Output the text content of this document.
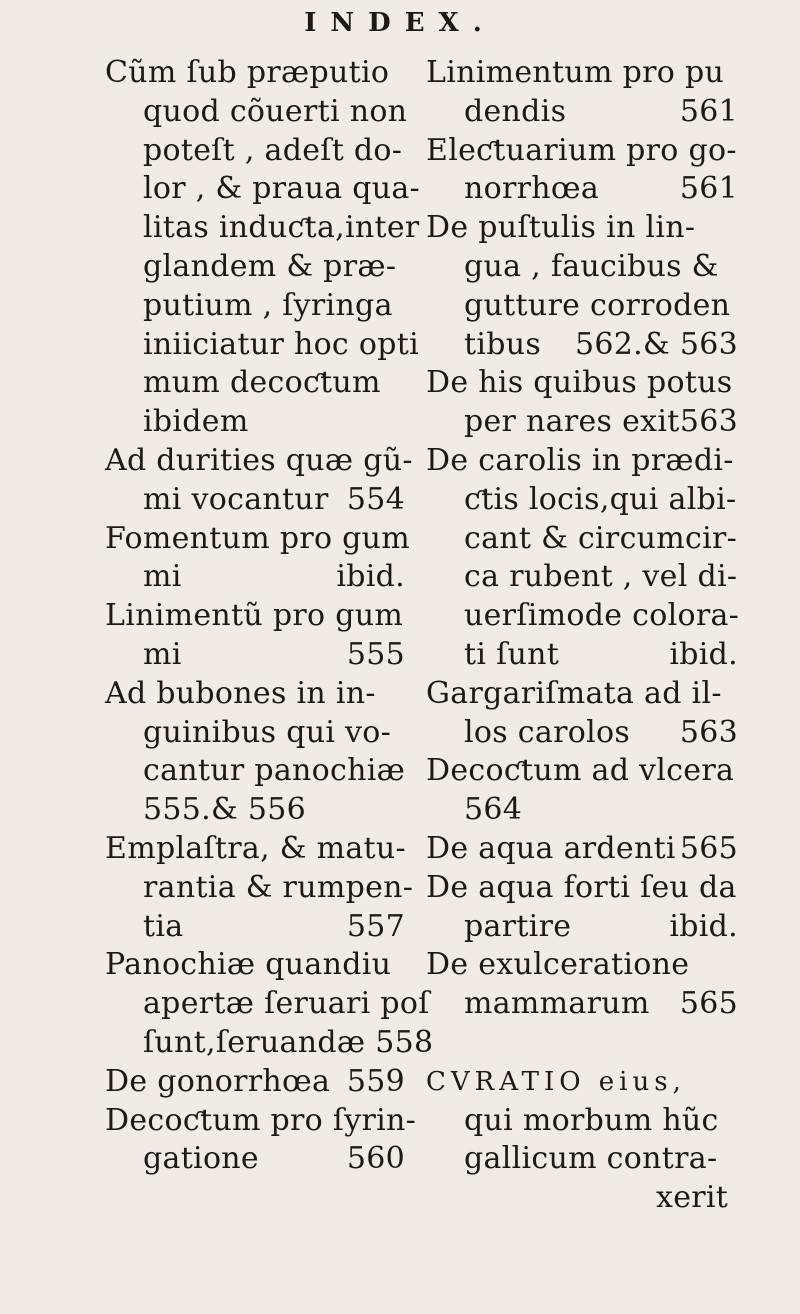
INDEX.
Cũm ſub præputio
quod cõuerti non
poteſt , adeſt do-
lor , & praua qua-
litas induƈta,inter
glandem & præ-
putium , ſyringa
iniiciatur hoc opti
mum decoƈtum
ibidem
Ad durities quæ gũ-
mi vocantur 554
Fomentum pro gum
mi	ibid.
Linimentũ pro gum
mi	555
Ad bubones in in-
guinibus qui vo-
cantur panochiæ
555.& 556
Emplaſtra, & matu-
rantia & rumpen-
tia	557
Panochiæ quandiu
apertæ ſeruari poſ
ſunt,ſeruandæ 558
De gonorrhœa 559
Decoƈtum pro ſyrin-
gatione	560
Linimentum pro pu
dendis	561
Eleƈtuarium pro go-
norrhœa	561
De puſtulis in lin-
gua , faucibus &
gutture corroden
tibus 562.& 563
De his quibus potus
per nares exit 563
De carolis in prædi-
ƈtis locis,qui albi-
cant & circumcir-
ca rubent , vel di-
uerſimode colora-
ti ſunt	ibid.
Gargariſmata ad il-
los carolos 563
Decoƈtum ad vlcera
564
De aqua ardenti 565
De aqua forti ſeu da
partire	ibid.
De exulceratione
mammarum 565
CVRATIO eius,
qui morbum hũc
gallicum contra-
xerit
